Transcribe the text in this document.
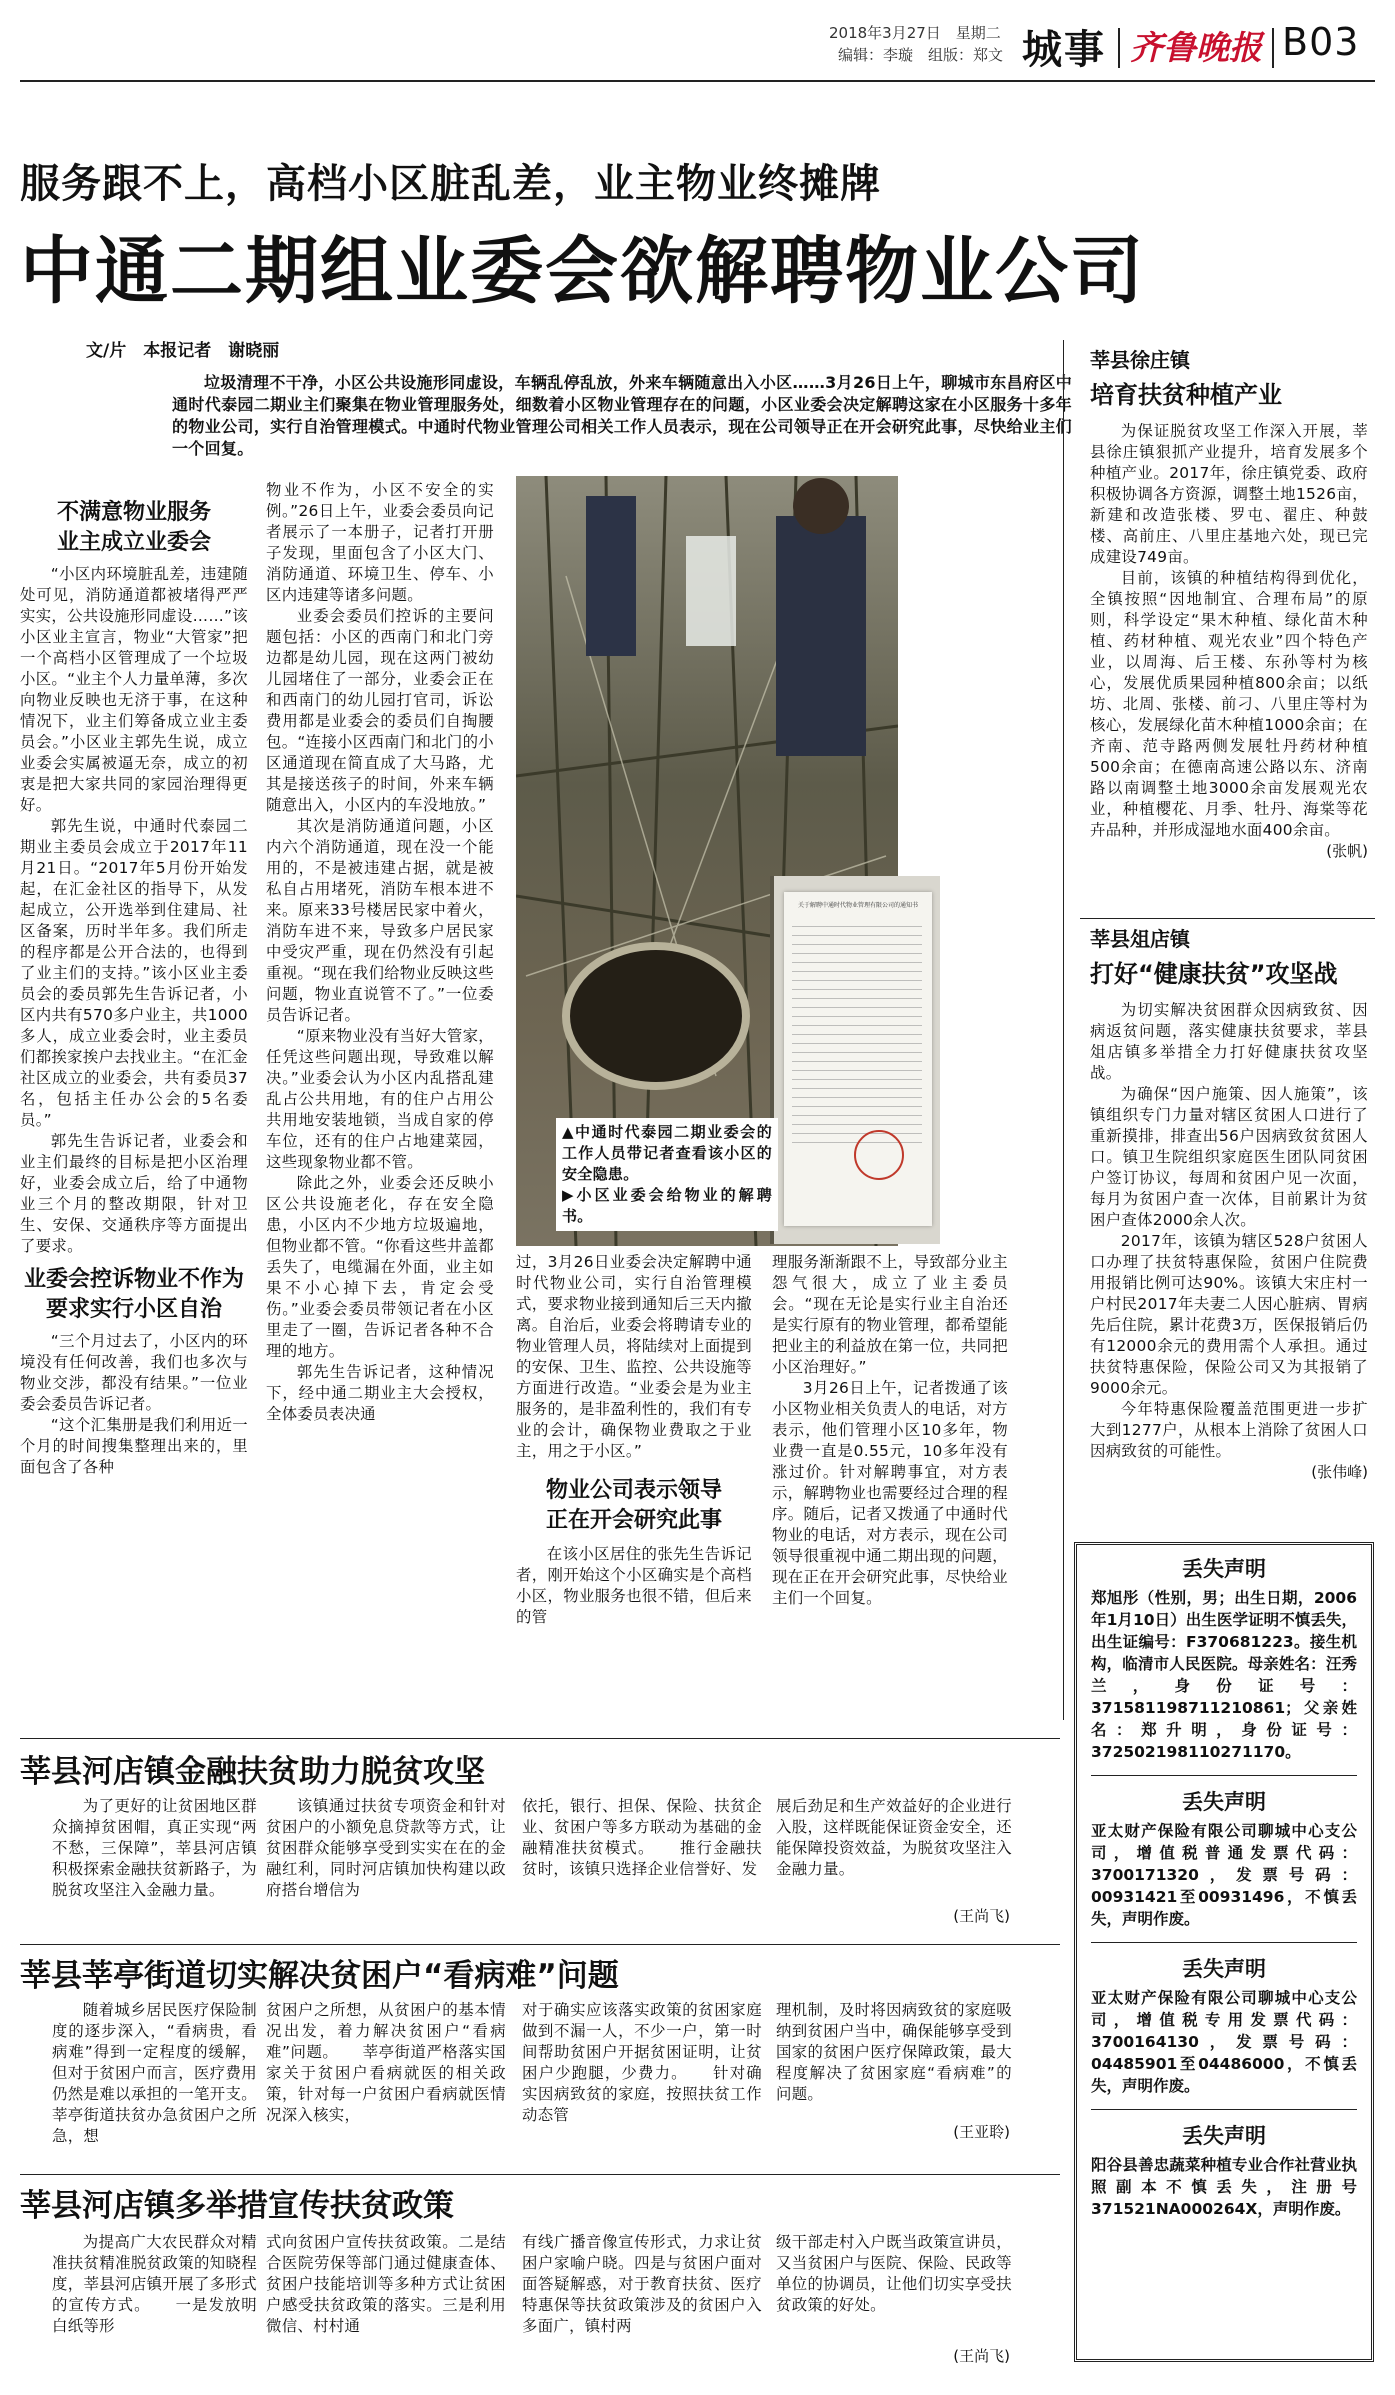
2018年3月27日　星期二
编辑：李璇　组版：郑文 城事 齐鲁晚报 B03
服务跟不上，高档小区脏乱差，业主物业终摊牌
中通二期组业委会欲解聘物业公司
文/片　本报记者　谢晓丽

垃圾清理不干净，小区公共设施形同虚设，车辆乱停乱放，外来车辆随意出入小区……3月26日上午，聊城市东昌府区中通时代泰园二期业主们聚集在物业管理服务处，细数着小区物业管理存在的问题，小区业委会决定解聘这家在小区服务十多年的物业公司，实行自治管理模式。中通时代物业管理公司相关工作人员表示，现在公司领导正在开会研究此事，尽快给业主们一个回复。

不满意物业服务

业主成立业委会

“小区内环境脏乱差，违建随处可见，消防通道都被堵得严严实实，公共设施形同虚设……”该小区业主宣言，物业“大管家”把一个高档小区管理成了一个垃圾小区。“业主个人力量单薄，多次向物业反映也无济于事，在这种情况下，业主们筹备成立业主委员会。”小区业主郭先生说，成立业委会实属被逼无奈，成立的初衷是把大家共同的家园治理得更好。

郭先生说，中通时代泰园二期业主委员会成立于2017年11月21日。“2017年5月份开始发起，在汇金社区的指导下，从发起成立，公开选举到住建局、社区备案，历时半年多。我们所走的程序都是公开合法的，也得到了业主们的支持。”该小区业主委员会的委员郭先生告诉记者，小区内共有570多户业主，共1000多人，成立业委会时，业主委员们都挨家挨户去找业主。“在汇金社区成立的业委会，共有委员37名，包括主任办公会的5名委员。”

郭先生告诉记者，业委会和业主们最终的目标是把小区治理好，业委会成立后，给了中通物业三个月的整改期限，针对卫生、安保、交通秩序等方面提出了要求。

业委会控诉物业不作为

要求实行小区自治

“三个月过去了，小区内的环境没有任何改善，我们也多次与物业交涉，都没有结果。”一位业委会委员告诉记者。

“这个汇集册是我们利用近一个月的时间搜集整理出来的，里面包含了各种

物业不作为，小区不安全的实例。”26日上午，业委会委员向记者展示了一本册子，记者打开册子发现，里面包含了小区大门、消防通道、环境卫生、停车、小区内违建等诸多问题。

业委会委员们控诉的主要问题包括：小区的西南门和北门旁边都是幼儿园，现在这两门被幼儿园堵住了一部分，业委会正在和西南门的幼儿园打官司，诉讼费用都是业委会的委员们自掏腰包。“连接小区西南门和北门的小区通道现在简直成了大马路，尤其是接送孩子的时间，外来车辆随意出入，小区内的车没地放。”

其次是消防通道问题，小区内六个消防通道，现在没一个能用的，不是被违建占据，就是被私自占用堵死，消防车根本进不来。原来33号楼居民家中着火，消防车进不来，导致多户居民家中受灾严重，现在仍然没有引起重视。“现在我们给物业反映这些问题，物业直说管不了。”一位委员告诉记者。

“原来物业没有当好大管家，任凭这些问题出现，导致难以解决。”业委会认为小区内乱搭乱建乱占公共用地，有的住户占用公共用地安装地锁，当成自家的停车位，还有的住户占地建菜园，这些现象物业都不管。

除此之外，业委会还反映小区公共设施老化，存在安全隐患，小区内不少地方垃圾遍地，但物业都不管。“你看这些井盖都丢失了，电缆漏在外面，业主如果不小心掉下去，肯定会受伤。”业委会委员带领记者在小区里走了一圈，告诉记者各种不合理的地方。

郭先生告诉记者，这种情况下，经中通二期业主大会授权，全体委员表决通

关于解聘中通时代物业管理有限公司的通知书

▲中通时代泰园二期业委会的工作人员带记者查看该小区的安全隐患。

▶小区业委会给物业的解聘书。

过，3月26日业委会决定解聘中通时代物业公司，实行自治管理模式，要求物业接到通知后三天内撤离。自治后，业委会将聘请专业的物业管理人员，将陆续对上面提到的安保、卫生、监控、公共设施等方面进行改造。“业委会是为业主服务的，是非盈利性的，我们有专业的会计，确保物业费取之于业主，用之于小区。”

物业公司表示领导

正在开会研究此事

在该小区居住的张先生告诉记者，刚开始这个小区确实是个高档小区，物业服务也很不错，但后来的管

理服务渐渐跟不上，导致部分业主怨气很大，成立了业主委员会。“现在无论是实行业主自治还是实行原有的物业管理，都希望能把业主的利益放在第一位，共同把小区治理好。”

3月26日上午，记者拨通了该小区物业相关负责人的电话，对方表示，他们管理小区10多年，物业费一直是0.55元，10多年没有涨过价。针对解聘事宜，对方表示，解聘物业也需要经过合理的程序。随后，记者又拨通了中通时代物业的电话，对方表示，现在公司领导很重视中通二期出现的问题，现在正在开会研究此事，尽快给业主们一个回复。

莘县徐庄镇
培育扶贫种植产业

为保证脱贫攻坚工作深入开展，莘县徐庄镇狠抓产业提升，培育发展多个种植产业。2017年，徐庄镇党委、政府积极协调各方资源，调整土地1526亩，新建和改造张楼、罗屯、翟庄、种鼓楼、高前庄、八里庄基地六处，现已完成建设749亩。

目前，该镇的种植结构得到优化，全镇按照“因地制宜、合理布局”的原则，科学设定“果木种植、绿化苗木种植、药材种植、观光农业”四个特色产业，以周海、后王楼、东孙等村为核心，发展优质果园种植800余亩；以纸坊、北周、张楼、前刁、八里庄等村为核心，发展绿化苗木种植1000余亩；在齐南、范寺路两侧发展牡丹药材种植500余亩；在德南高速公路以东、济南路以南调整土地3000余亩发展观光农业，种植樱花、月季、牡丹、海棠等花卉品种，并形成湿地水面400余亩。

(张帆)

莘县俎店镇
打好“健康扶贫”攻坚战

为切实解决贫困群众因病致贫、因病返贫问题，落实健康扶贫要求，莘县俎店镇多举措全力打好健康扶贫攻坚战。

为确保“因户施策、因人施策”，该镇组织专门力量对辖区贫困人口进行了重新摸排，排查出56户因病致贫贫困人口。镇卫生院组织家庭医生团队同贫困户签订协议，每周和贫困户见一次面，每月为贫困户查一次体，目前累计为贫困户查体2000余人次。

2017年，该镇为辖区528户贫困人口办理了扶贫特惠保险，贫困户住院费用报销比例可达90%。该镇大宋庄村一户村民2017年夫妻二人因心脏病、胃病先后住院，累计花费3万，医保报销后仍有12000余元的费用需个人承担。通过扶贫特惠保险，保险公司又为其报销了9000余元。

今年特惠保险覆盖范围更进一步扩大到1277户，从根本上消除了贫困人口因病致贫的可能性。

(张伟峰)

丢失声明

郑旭彤（性别，男；出生日期，2006年1月10日）出生医学证明不慎丢失，出生证编号：F370681223。接生机构，临清市人民医院。母亲姓名：汪秀兰，身份证号：371581198711210861；父亲姓名：郑升明，身份证号：372502198110271170。

丢失声明

亚太财产保险有限公司聊城中心支公司，增值税普通发票代码：3700171320，发票号码：00931421至00931496，不慎丢失，声明作废。

丢失声明

亚太财产保险有限公司聊城中心支公司，增值税专用发票代码：3700164130，发票号码：04485901至04486000，不慎丢失，声明作废。

丢失声明

阳谷县善忠蔬菜种植专业合作社营业执照副本不慎丢失，注册号371521NA000264X，声明作废。

莘县河店镇金融扶贫助力脱贫攻坚

为了更好的让贫困地区群众摘掉贫困帽，真正实现“两不愁，三保障”，莘县河店镇积极探索金融扶贫新路子，为脱贫攻坚注入金融力量。

该镇通过扶贫专项资金和针对贫困户的小额免息贷款等方式，让贫困群众能够享受到实实在在的金融红利，同时河店镇加快构建以政府搭台增信为

依托，银行、担保、保险、扶贫企业、贫困户等多方联动为基础的金融精准扶贫模式。　　推行金融扶贫时，该镇只选择企业信誉好、发

展后劲足和生产效益好的企业进行入股，这样既能保证资金安全，还能保障投资效益，为脱贫攻坚注入金融力量。

(王尚飞)

莘县莘亭街道切实解决贫困户“看病难”问题

随着城乡居民医疗保险制度的逐步深入，“看病贵，看病难”得到一定程度的缓解，但对于贫困户而言，医疗费用仍然是难以承担的一笔开支。莘亭街道扶贫办急贫困户之所急，想

贫困户之所想，从贫困户的基本情况出发，着力解决贫困户“看病难”问题。　　莘亭街道严格落实国家关于贫困户看病就医的相关政策，针对每一户贫困户看病就医情况深入核实，

对于确实应该落实政策的贫困家庭做到不漏一人，不少一户，第一时间帮助贫困户开据贫困证明，让贫困户少跑腿，少费力。　　针对确实因病致贫的家庭，按照扶贫工作动态管

理机制，及时将因病致贫的家庭吸纳到贫困户当中，确保能够享受到国家的贫困户医疗保障政策，最大程度解决了贫困家庭“看病难”的问题。

(王亚聆)

莘县河店镇多举措宣传扶贫政策

为提高广大农民群众对精准扶贫精准脱贫政策的知晓程度，莘县河店镇开展了多形式的宣传方式。　　一是发放明白纸等形

式向贫困户宣传扶贫政策。二是结合医院劳保等部门通过健康查体、贫困户技能培训等多种方式让贫困户感受扶贫政策的落实。三是利用微信、村村通

有线广播音像宣传形式，力求让贫困户家喻户晓。四是与贫困户面对面答疑解惑，对于教育扶贫、医疗特惠保等扶贫政策涉及的贫困户入多面广，镇村两

级干部走村入户既当政策宣讲员，又当贫困户与医院、保险、民政等单位的协调员，让他们切实享受扶贫政策的好处。

(王尚飞)
